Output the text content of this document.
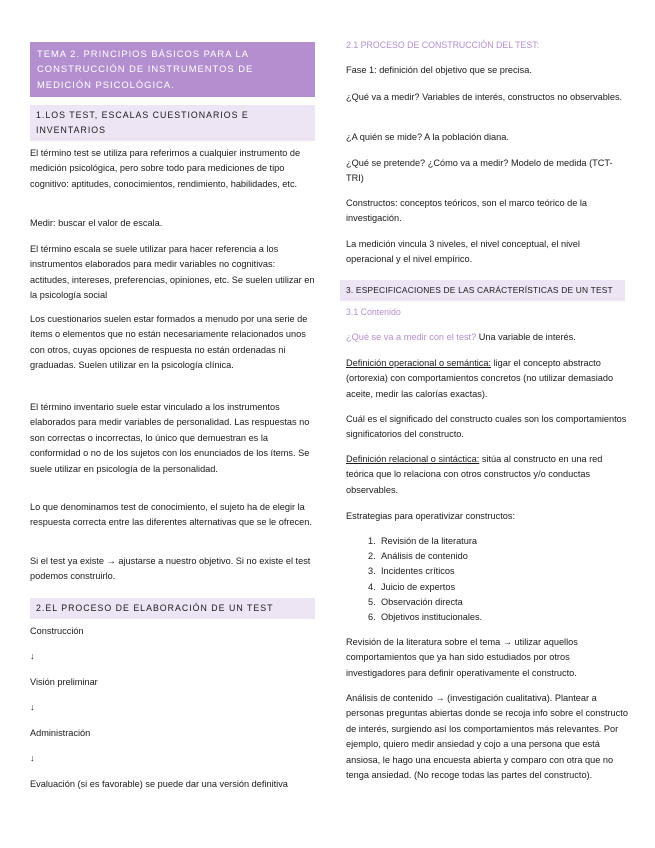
TEMA 2. PRINCIPIOS BÁSICOS PARA LA CONSTRUCCIÓN DE INSTRUMENTOS DE MEDICIÓN PSICOLÓGICA.
1.LOS TEST, ESCALAS CUESTIONARIOS E INVENTARIOS

El término test se utiliza para referirnos a cualquier instrumento de medición psicológica, pero sobre todo para mediciones de tipo cognitivo: aptitudes, conocimientos, rendimiento, habilidades, etc.

Medir: buscar el valor de escala.

El término escala se suele utilizar para hacer referencia a los instrumentos elaborados para medir variables no cognitivas: actitudes, intereses, preferencias, opiniones, etc. Se suelen utilizar en la psicología social

Los cuestionarios suelen estar formados a menudo por una serie de ítems o elementos que no están necesariamente relacionados unos con otros, cuyas opciones de respuesta no están ordenadas ni graduadas. Suelen utilizar en la psicología clínica.

El término inventario suele estar vinculado a los instrumentos elaborados para medir variables de personalidad. Las respuestas no son correctas o incorrectas, lo único que demuestran es la conformidad o no de los sujetos con los enunciados de los ítems. Se suele utilizar en psicología de la personalidad.

Lo que denominamos test de conocimiento, el sujeto ha de elegir la respuesta correcta entre las diferentes alternativas que se le ofrecen.

Si el test ya existe → ajustarse a nuestro objetivo. Si no existe el test podemos construirlo.

2.EL PROCESO DE ELABORACIÓN DE UN TEST

Construcción

↓

Visión preliminar

↓

Administración

↓

Evaluación (si es favorable) se puede dar una versión definitiva

2.1 PROCESO DE CONSTRUCCIÓN DEL TEST:

Fase 1: definición del objetivo que se precisa.

¿Qué va a medir? Variables de interés, constructos no observables.

¿A quién se mide? A la población diana.

¿Qué se pretende? ¿Cómo va a medir? Modelo de medida (TCT- TRI)

Constructos: conceptos teóricos, son el marco teórico de la investigación.

La medición vincula 3 niveles, el nivel conceptual, el nivel operacional y el nivel empírico.

3. ESPECIFICACIONES DE LAS CARÁCTERÍSTICAS DE UN TEST
3.1 Contenido

¿Qué se va a medir con el test? Una variable de interés.

Definición operacional o semántica: ligar el concepto abstracto (ortorexia) con comportamientos concretos (no utilizar demasiado aceite, medir las calorías exactas).

Cuál es el significado del constructo cuales son los comportamientos significatorios del constructo.

Definición relacional o sintáctica: sitúa al constructo en una red teórica que lo relaciona con otros constructos y/o conductas observables.

Estrategias para operativizar constructos:

1. Revisión de la literatura
2. Análisis de contenido
3. Incidentes críticos
4. Juicio de expertos
5. Observación directa
6. Objetivos institucionales.

Revisión de la literatura sobre el tema → utilizar aquellos comportamientos que ya han sido estudiados por otros investigadores para definir operativamente el constructo.

Análisis de contenido → (investigación cualitativa). Plantear a personas preguntas abiertas donde se recoja info sobre el constructo de interés, surgiendo así los comportamientos más relevantes. Por ejemplo, quiero medir ansiedad y cojo a una persona que está ansiosa, le hago una encuesta abierta y comparo con otra que no tenga ansiedad. (No recoge todas las partes del constructo).
